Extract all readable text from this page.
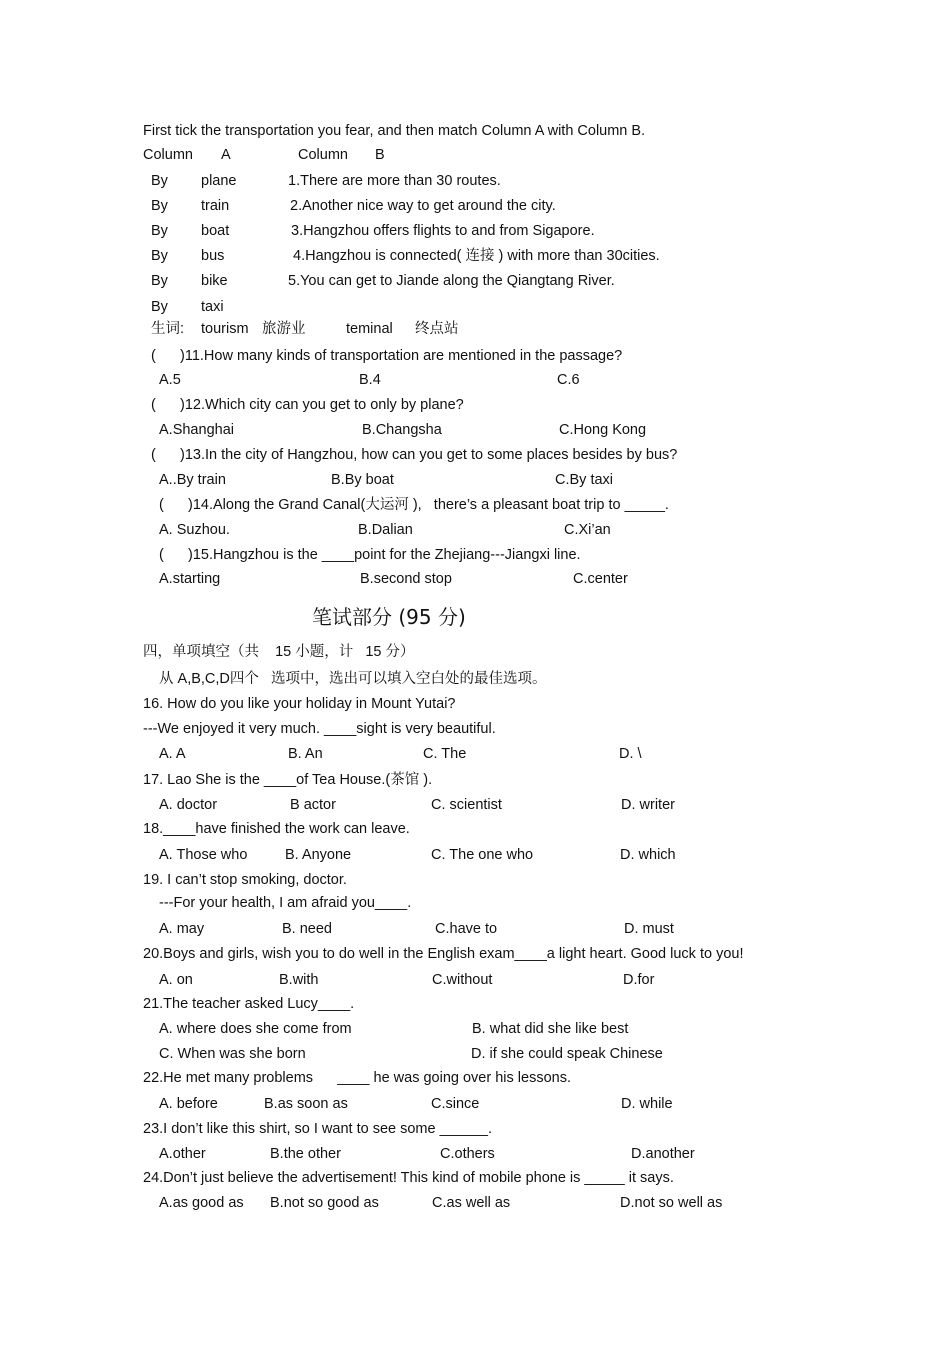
First tick the transportation you fear, and then match Column A with Column B.
Column A	Column B
By plane	1.There are more than 30 routes.
By train	2.Another nice way to get around the city.
By boat	3.Hangzhou offers flights to and from Sigapore.
By bus	4.Hangzhou is connected( 连接 ) with more than 30cities.
By bike	5.You can get to Jiande along the Qiangtang River.
By taxi
生词: tourism 旅游业	teminal 终点站
(      )11.How many kinds of transportation are mentioned in the passage?
A.5	B.4	C.6
(      )12.Which city can you get to only by plane?
A.Shanghai	B.Changsha	C.Hong Kong
(      )13.In the city of Hangzhou, how can you get to some places besides by bus?
A..By train	B.By boat	C.By taxi
(      )14.Along the Grand Canal(大运河 ),   there’s a pleasant boat trip to _____.
A. Suzhou.	B.Dalian	C.Xi’an
(      )15.Hangzhou is the ____point for the Zhejiang---Jiangxi line.
A.starting	B.second stop	C.center
笔试部分 (95 分)
四，单项填空（共    15 小题，计   15 分）
从 A,B,C,D四个   选项中，选出可以填入空白处的最佳选项。
16. How do you like your holiday in Mount Yutai?
---We enjoyed it very much. ____sight is very beautiful.
A. A	B. An	C. The	D. \
17. Lao She is the ____of Tea House.(茶馆 ).
A. doctor	B actor	C. scientist	D. writer
18.____have finished the work can leave.
A. Those who	B. Anyone	C. The one who	D. which
19. I can’t stop smoking, doctor.
---For your health, I am afraid you____.
A. may	B. need	C.have to	D. must
20.Boys and girls, wish you to do well in the English exam____a light heart. Good luck to you!
A. on	B.with	C.without	D.for
21.The teacher asked Lucy____.
A. where does she come from	B. what did she like best
C. When was she born	D. if she could speak Chinese
22.He met many problems      ____ he was going over his lessons.
A. before	B.as soon as	C.since	D. while
23.I don’t like this shirt, so I want to see some ______.
A.other	B.the other	C.others	D.another
24.Don’t just believe the advertisement! This kind of mobile phone is _____ it says.
A.as good as B.not so good as	C.as well as	D.not so well as
